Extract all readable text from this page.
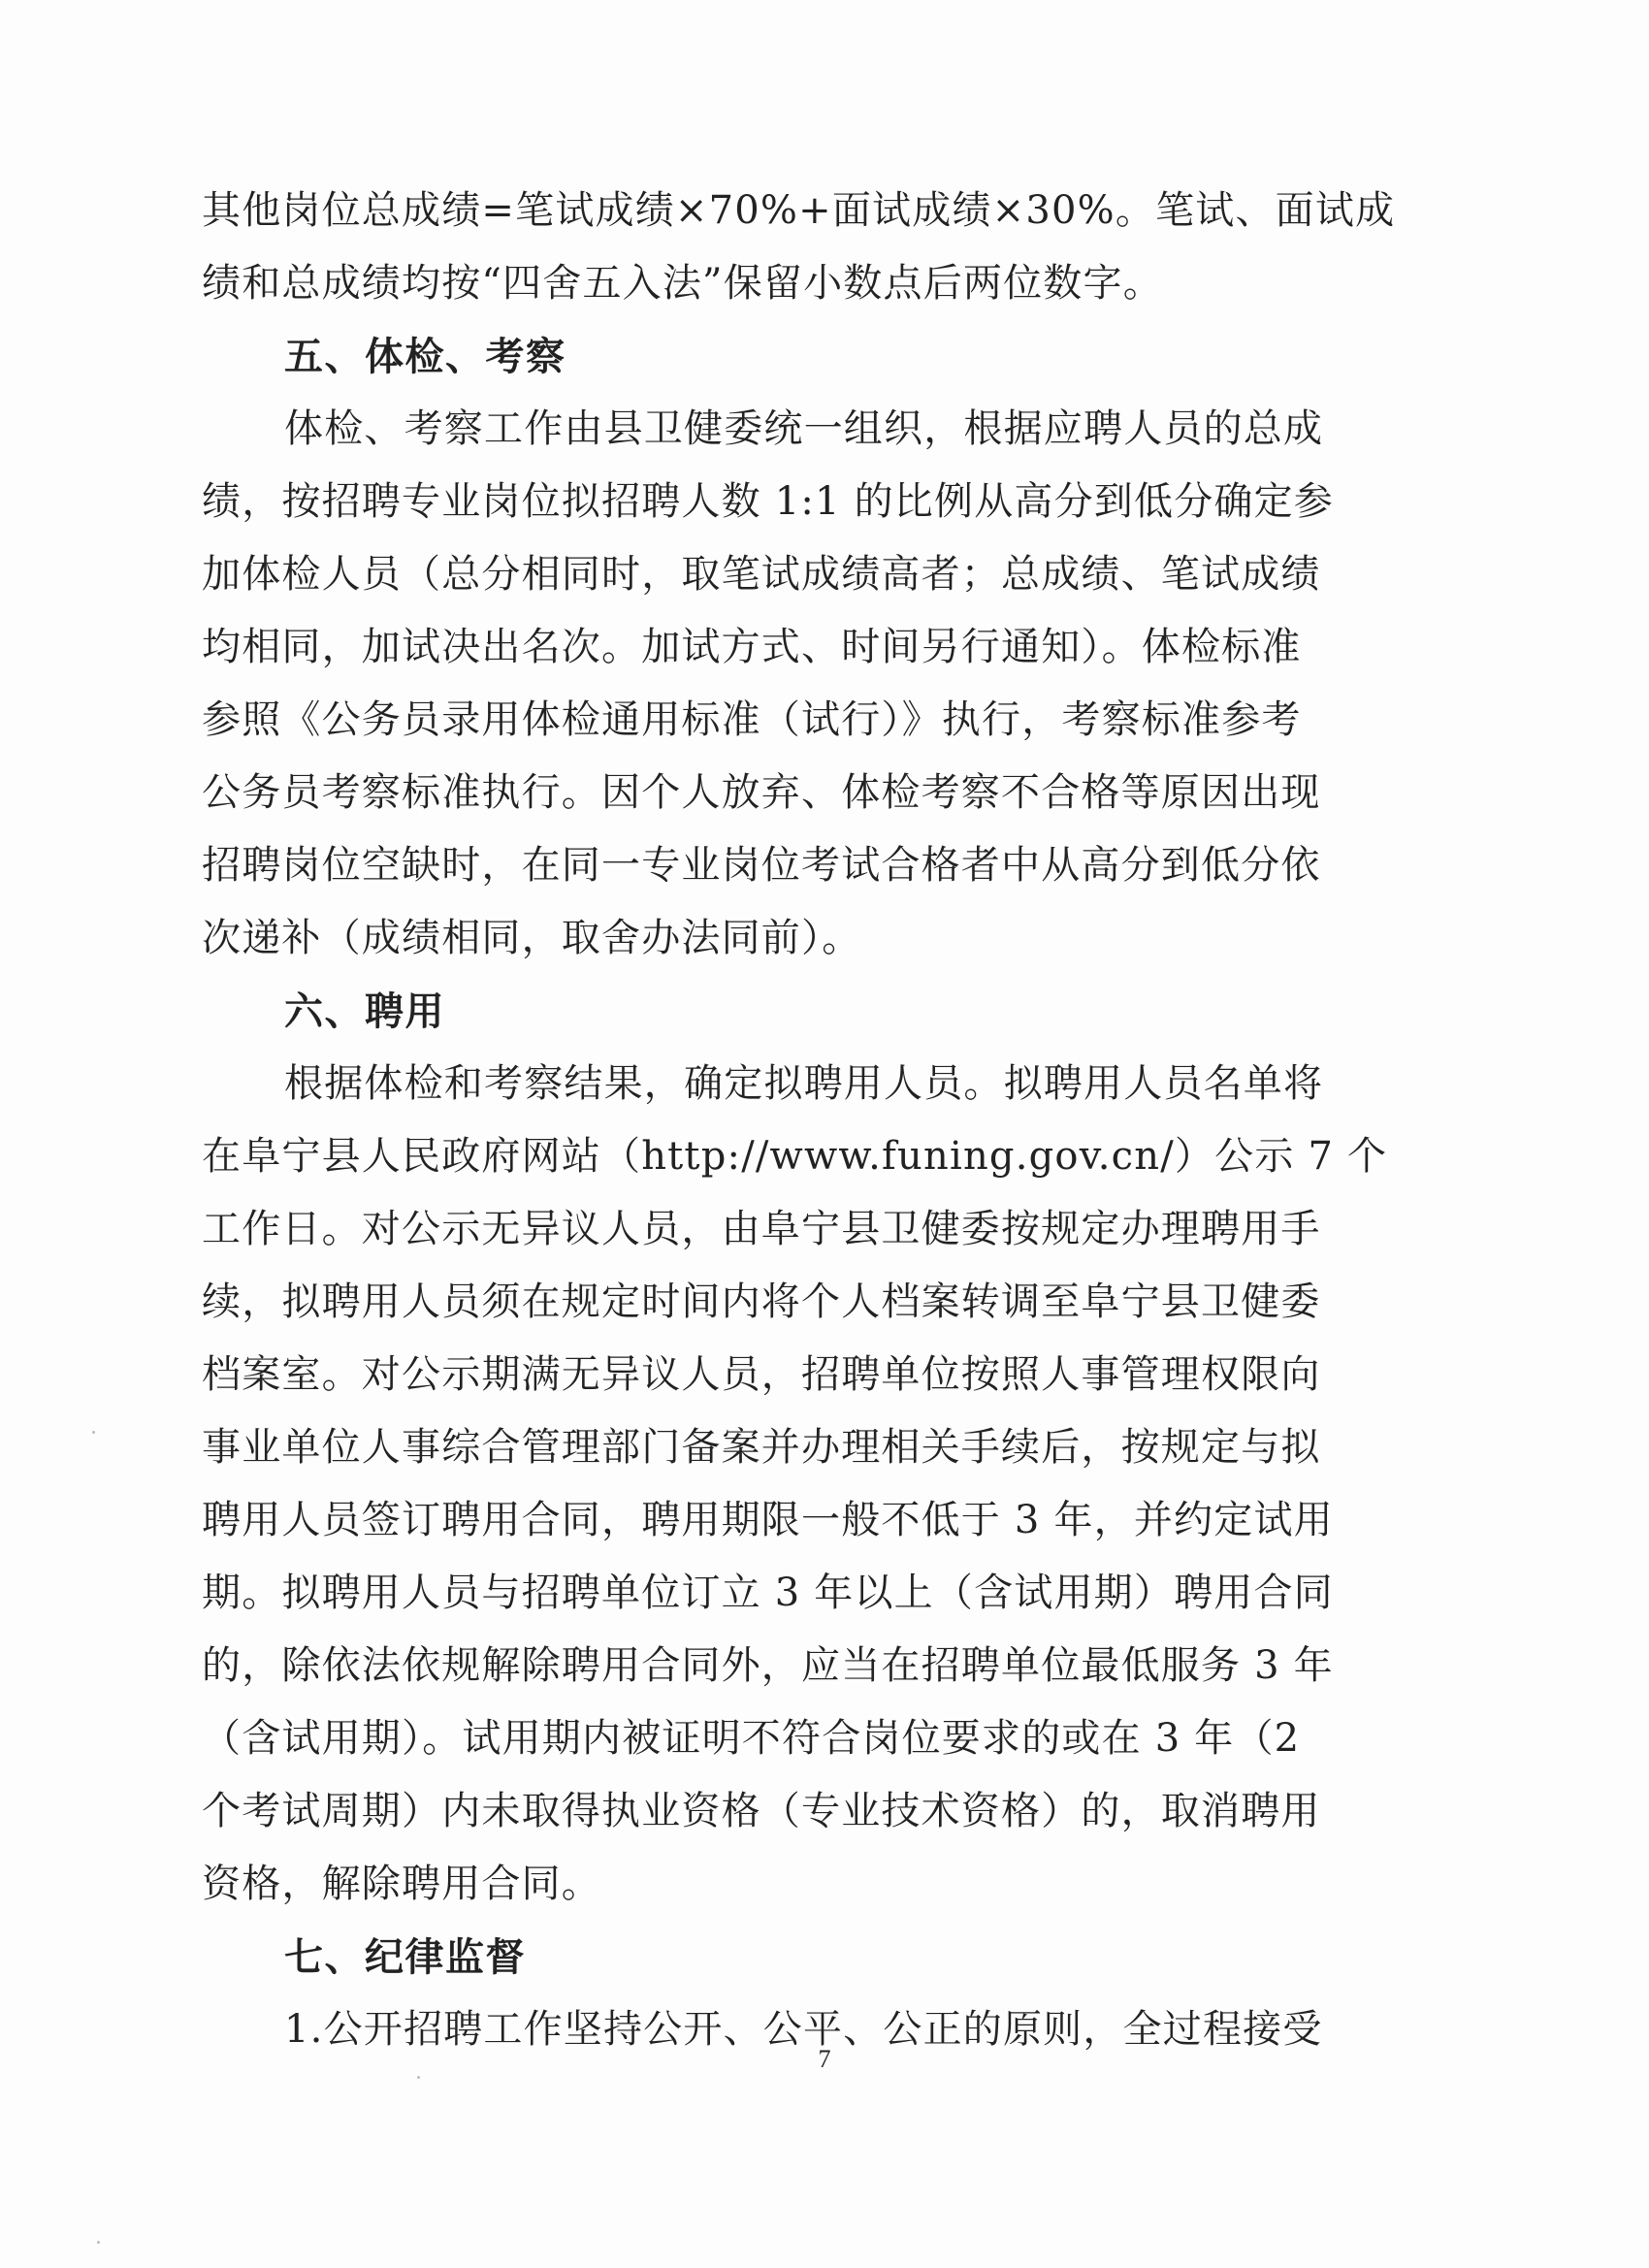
其他岗位总成绩=笔试成绩×70%+面试成绩×30%。笔试、面试成
绩和总成绩均按“四舍五入法”保留小数点后两位数字。
五、体检、考察
体检、考察工作由县卫健委统一组织，根据应聘人员的总成
绩，按招聘专业岗位拟招聘人数 1:1 的比例从高分到低分确定参
加体检人员（总分相同时，取笔试成绩高者；总成绩、笔试成绩
均相同，加试决出名次。加试方式、时间另行通知）。体检标准
参照《公务员录用体检通用标准（试行）》执行，考察标准参考
公务员考察标准执行。因个人放弃、体检考察不合格等原因出现
招聘岗位空缺时，在同一专业岗位考试合格者中从高分到低分依
次递补（成绩相同，取舍办法同前）。
六、聘用
根据体检和考察结果，确定拟聘用人员。拟聘用人员名单将
在阜宁县人民政府网站（http://www.funing.gov.cn/）公示 7 个
工作日。对公示无异议人员，由阜宁县卫健委按规定办理聘用手
续，拟聘用人员须在规定时间内将个人档案转调至阜宁县卫健委
档案室。对公示期满无异议人员，招聘单位按照人事管理权限向
事业单位人事综合管理部门备案并办理相关手续后，按规定与拟
聘用人员签订聘用合同，聘用期限一般不低于 3 年，并约定试用
期。拟聘用人员与招聘单位订立 3 年以上（含试用期）聘用合同
的，除依法依规解除聘用合同外，应当在招聘单位最低服务 3 年
（含试用期）。试用期内被证明不符合岗位要求的或在 3 年（2
个考试周期）内未取得执业资格（专业技术资格）的，取消聘用
资格，解除聘用合同。
七、纪律监督
1.公开招聘工作坚持公开、公平、公正的原则，全过程接受
7
